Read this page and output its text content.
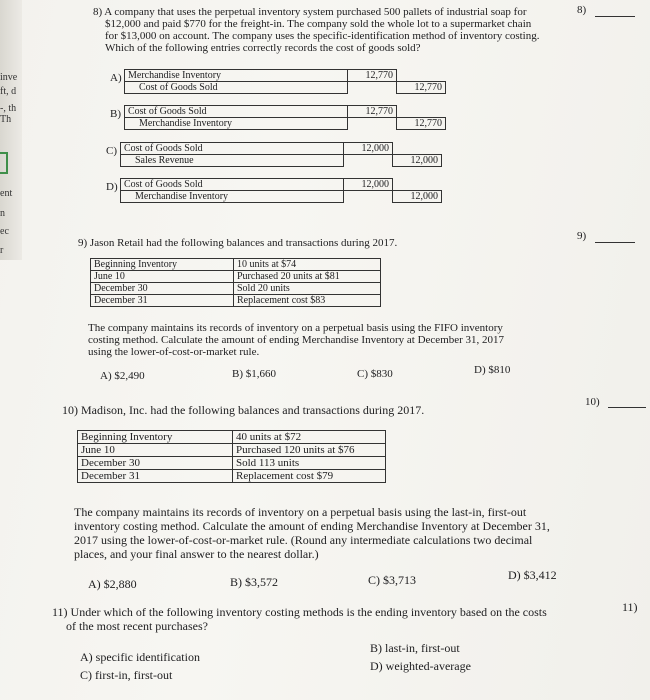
inve
ft, d
-, th
Th
ent
n
ec
r
8) A company that uses the perpetual inventory system purchased 500 pallets of industrial soap for
$12,000 and paid $770 for the freight-in. The company sold the whole lot to a supermarket chain
for $13,000 on account. The company uses the specific-identification method of inventory costing.
Which of the following entries correctly records the cost of goods sold?
8)
A) Merchandise Inventory	12,770	
Cost of Goods Sold		12,770
B) Cost of Goods Sold	12,770	
Merchandise Inventory		12,770
C) Cost of Goods Sold	12,000	
Sales Revenue		12,000
D) Cost of Goods Sold	12,000	
Merchandise Inventory		12,000
9) Jason Retail had the following balances and transactions during 2017.
9)
Beginning Inventory	10 units at $74
June 10	Purchased 20 units at $81
December 30	Sold 20 units
December 31	Replacement cost $83
The company maintains its records of inventory on a perpetual basis using the FIFO inventory
costing method. Calculate the amount of ending Merchandise Inventory at December 31, 2017
using the lower-of-cost-or-market rule.
A) $2,490	B) $1,660	C) $830	D) $810
10) Madison, Inc. had the following balances and transactions during 2017.
10)
Beginning Inventory	40 units at $72
June 10	Purchased 120 units at $76
December 30	Sold 113 units
December 31	Replacement cost $79
The company maintains its records of inventory on a perpetual basis using the last-in, first-out
inventory costing method. Calculate the amount of ending Merchandise Inventory at December 31,
2017 using the lower-of-cost-or-market rule. (Round any intermediate calculations two decimal
places, and your final answer to the nearest dollar.)
A) $2,880	B) $3,572	C) $3,713	D) $3,412
11) Under which of the following inventory costing methods is the ending inventory based on the costs
of the most recent purchases?
11)
A) specific identification
B) last-in, first-out
C) first-in, first-out
D) weighted-average
